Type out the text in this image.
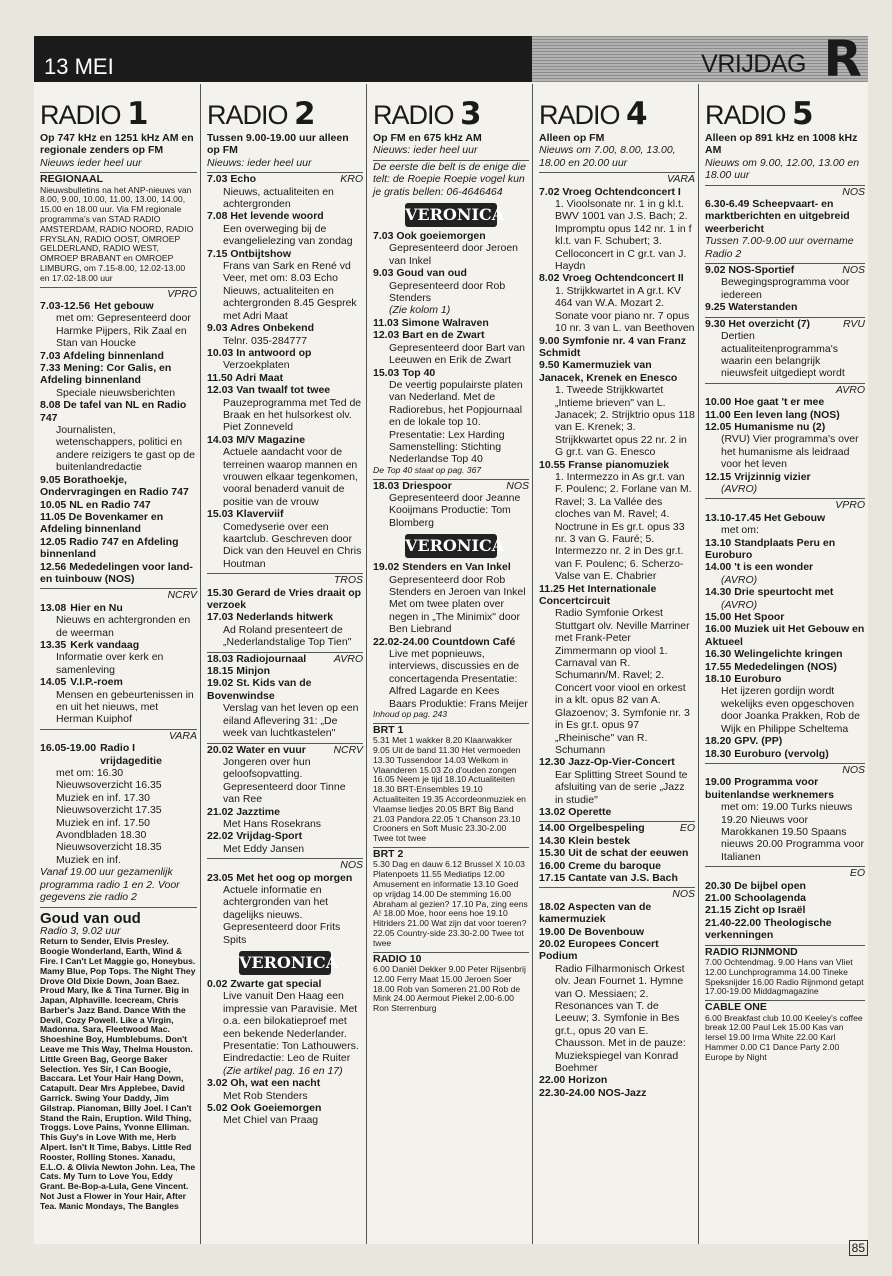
13 MEI	VRIJDAG R
RADIO 1
Op 747 kHz en 1251 kHz AM en regionale zenders op FM
Nieuws ieder heel uur
REGIONAAL
Nieuwsbulletins na het ANP-nieuws van 8.00, 9.00, 10.00, 11.00, 13.00, 14.00, 15.00 en 18.00 uur. Via FM regionale programma's van STAD RADIO AMSTERDAM, RADIO NOORD, RADIO FRYSLAN, RADIO OOST, OMROEP GELDERLAND, RADIO WEST, OMROEP BRABANT en OMROEP LIMBURG, om 7.15-8.00, 12.02-13.00 en 17.02-18.00 uur
VPRO
7.03-12.56 Het gebouw
met om: Gepresenteerd door Harmke Pijpers, Rik Zaal en Stan van Houcke
7.03 Afdeling binnenland
7.33 Mening: Cor Galis, en Afdeling binnenland
Speciale nieuwsberichten
8.08 De tafel van NL en Radio 747
Journalisten, wetenschappers, politici en andere reizigers te gast op de buitenlandredactie
9.05 Borathoekje, Ondervragingen en Radio 747
10.05 NL en Radio 747
11.05 De Bovenkamer en Afdeling binnenland
12.05 Radio 747 en Afdeling binnenland
12.56 Mededelingen voor land- en tuinbouw (NOS)
NCRV
13.08 Hier en Nu
Nieuws en achtergronden en de weerman
13.35 Kerk vandaag
Informatie over kerk en samenleving
14.05 V.I.P.-roem
Mensen en gebeurtenissen in en uit het nieuws, met Herman Kuiphof
VARA
16.05-19.00 Radio I vrijdageditie
met om: 16.30 Nieuwsoverzicht 16.35 Muziek en inf. 17.30 Nieuwsoverzicht 17.35 Muziek en inf. 17.50 Avondbladen 18.30 Nieuwsoverzicht 18.35 Muziek en inf.
Vanaf 19.00 uur gezamenlijk programma radio 1 en 2. Voor gegevens zie radio 2
Goud van oud
Radio 3, 9.02 uur
Return to Sender, Elvis Presley. Boogie Wonderland, Earth, Wind & Fire. I Can't Let Maggie go, Honeybus. Mamy Blue, Pop Tops. The Night They Drove Old Dixie Down, Joan Baez. Proud Mary, Ike & Tina Turner. Big in Japan, Alphaville. Icecream, Chris Barber's Jazz Band. Dance With the Devil, Cozy Powell. Like a Virgin, Madonna. Sara, Fleetwood Mac. Shoeshine Boy, Humblebums. Don't Leave me This Way, Thelma Houston. Little Green Bag, George Baker Selection. Yes Sir, I Can Boogie, Baccara. Let Your Hair Hang Down, Catapult. Dear Mrs Applebee, David Garrick. Swing Your Daddy, Jim Gilstrap. Pianoman, Billy Joel. I Can't Stand the Rain, Eruption. Wild Thing, Troggs. Love Pains, Yvonne Elliman. This Guy's in Love With me, Herb Alpert. Isn't It Time, Babys. Little Red Rooster, Rolling Stones. Xanadu, E.L.O. & Olivia Newton John. Lea, The Cats. My Turn to Love You, Eddy Grant. Be-Bop-a-Lula, Gene Vincent. Not Just a Flower in Your Hair, After Tea. Manic Mondays, The Bangles
RADIO 2
Tussen 9.00-19.00 uur alleen op FM
Nieuws: ieder heel uur
7.03 Echo	KRO
Nieuws, actualiteiten en achtergronden
7.08 Het levende woord
Een overweging bij de evangelielezing van zondag
7.15 Ontbijtshow
Frans van Sark en René vd Veer, met om: 8.03 Echo Nieuws, actualiteiten en achtergronden 8.45 Gesprek met Adri Maat
9.03 Adres Onbekend
Telnr. 035-284777
10.03 In antwoord op
Verzoekplaten
11.50 Adri Maat
12.03 Van twaalf tot twee
Pauzeprogramma met Ted de Braak en het hulsorkest olv. Piet Zonneveld
14.03 M/V Magazine
Actuele aandacht voor de terreinen waarop mannen en vrouwen elkaar tegenkomen, vooral benaderd vanuit de positie van de vrouw
15.03 Klaverviif
Comedyserie over een kaartclub. Geschreven door Dick van den Heuvel en Chris Houtman
TROS
15.30 Gerard de Vries draait op verzoek
17.03 Nederlands hitwerk
Ad Roland presenteert de „Nederlandstalige Top Tien"
18.03 Radiojournaal	AVRO
18.15 Minjon
19.02 St. Kids van de Bovenwindse
Verslag van het leven op een eiland Aflevering 31: „De week van luchtkastelen"
20.02 Water en vuur	NCRV
Jongeren over hun geloofsopvatting. Gepresenteerd door Tinne van Ree
21.02 Jazztime
Met Hans Rosekrans
22.02 Vrijdag-Sport
Met Eddy Jansen
NOS
23.05 Met het oog op morgen
Actuele informatie en achtergronden van het dagelijks nieuws. Gepresenteerd door Frits Spits
VERONICA
0.02 Zwarte gat special
Live vanuit Den Haag een impressie van Paravisie. Met o.a. een bilokatieproef met een bekende Nederlander. Presentatie: Ton Lathouwers. Eindredactie: Leo de Ruiter
(Zie artikel pag. 16 en 17)
3.02 Oh, wat een nacht
Met Rob Stenders
5.02 Ook Goeiemorgen
Met Chiel van Praag
RADIO 3
Op FM en 675 kHz AM
Nieuws: ieder heel uur
De eerste die belt is de enige die telt: de Roepie Roepie vogel kun je gratis bellen: 06-4646464
VERONICA
7.03 Ook goeiemorgen
Gepresenteerd door Jeroen van Inkel
9.03 Goud van oud
Gepresenteerd door Rob Stenders
(Zie kolom 1)
11.03 Simone Walraven
12.03 Bart en de Zwart
Gepresenteerd door Bart van Leeuwen en Erik de Zwart
15.03 Top 40
De veertig populairste platen van Nederland. Met de Radiorebus, het Popjournaal en de lokale top 10. Presentatie: Lex Harding Samenstelling: Stichting Nederlandse Top 40
De Top 40 staat op pag. 367
18.03 Driespoor	NOS
Gepresenteerd door Jeanne Kooijmans Productie: Tom Blomberg
VERONICA
19.02 Stenders en Van Inkel
Gepresenteerd door Rob Stenders en Jeroen van Inkel Met om twee platen over negen in „The Minimix" door Ben Liebrand
22.02-24.00 Countdown Café
Live met popnieuws, interviews, discussies en de concertagenda Presentatie: Alfred Lagarde en Kees Baars Produktie: Frans Meijer
Inhoud op pag. 243
BRT 1
5.31 Met 1 wakker 8.20 Klaarwakker 9.05 Uit de band 11.30 Het vermoeden 13.30 Tussendoor 14.03 Welkom in Vlaanderen 15.03 Zo d'ouden zongen 16.05 Neem je tijd 18.10 Actualiteiten 18.30 BRT-Ensembles 19.10 Actualiteiten 19.35 Accordeonmuziek en Vlaamse liedjes 20.05 BRT Big Band 21.03 Pandora 22.05 't Chanson 23.10 Crooners en Soft Music 23.30-2.00 Twee tot twee
BRT 2
5.30 Dag en dauw 6.12 Brussel X 10.03 Platenpoets 11.55 Mediatips 12.00 Amusement en informatie 13.10 Goed op vrijdag 14.00 De stemming 16.00 Abraham al gezien? 17.10 Pa, zing eens A! 18.00 Moe, hoor eens hoe 19.10 Hitriders 21.00 Wat zijn dat voor toeren? 22.05 Country-side 23.30-2.00 Twee tot twee
RADIO 10
6.00 Daniël Dekker 9.00 Peter Rijsenbrij 12.00 Ferry Maat 15.00 Jeroen Soer 18.00 Rob van Someren 21.00 Rob de Mink 24.00 Aermout Piekel 2.00-6.00 Ron Sterrenburg
RADIO 4
Alleen op FM
Nieuws om 7.00, 8.00, 13.00, 18.00 en 20.00 uur
VARA
7.02 Vroeg Ochtendconcert I
1. Vioolsonate nr. 1 in g kl.t. BWV 1001 van J.S. Bach; 2. Impromptu opus 142 nr. 1 in f kl.t. van F. Schubert; 3. Celloconcert in C gr.t. van J. Haydn
8.02 Vroeg Ochtendconcert II
1. Strijkkwartet in A gr.t. KV 464 van W.A. Mozart 2. Sonate voor piano nr. 7 opus 10 nr. 3 van L. van Beethoven
9.00 Symfonie nr. 4 van Franz Schmidt
9.50 Kamermuziek van Janacek, Krenek en Enesco
1. Tweede Strijkkwartet „Intieme brieven" van L. Janacek; 2. Strijktrio opus 118 van E. Krenek; 3. Strijkkwartet opus 22 nr. 2 in G gr.t. van G. Enesco
10.55 Franse pianomuziek
1. Intermezzo in As gr.t. van F. Poulenc; 2. Forlane van M. Ravel; 3. La Vallée des cloches van M. Ravel; 4. Noctrune in Es gr.t. opus 33 nr. 3 van G. Fauré; 5. Intermezzo nr. 2 in Des gr.t. van F. Poulenc; 6. Scherzo-Valse van E. Chabrier
11.25 Het Internationale Concertcircuit
Radio Symfonie Orkest Stuttgart olv. Neville Marriner met Frank-Peter Zimmermann op viool 1. Carnaval van R. Schumann/M. Ravel; 2. Concert voor viool en orkest in a klt. opus 82 van A. Glazoenov; 3. Symfonie nr. 3 in Es gr.t. opus 97 „Rheinische" van R. Schumann
12.30 Jazz-Op-Vier-Concert
Ear Splitting Street Sound te afsluiting van de serie „Jazz in studie"
13.02 Operette
14.00 Orgelbespeling	EO
14.30 Klein bestek
15.30 Uit de schat der eeuwen
16.00 Creme du baroque
17.15 Cantate van J.S. Bach
NOS
18.02 Aspecten van de kamermuziek
19.00 De Bovenbouw
20.02 Europees Concert Podium
Radio Filharmonisch Orkest olv. Jean Fournet 1. Hymne van O. Messiaen; 2. Resonances van T. de Leeuw; 3. Symfonie in Bes gr.t., opus 20 van E. Chausson. Met in de pauze: Muziekspiegel van Konrad Boehmer
22.00 Horizon
22.30-24.00 NOS-Jazz
RADIO 5
Alleen op 891 kHz en 1008 kHz AM
Nieuws om 9.00, 12.00, 13.00 en 18.00 uur
NOS
6.30-6.49 Scheepvaart- en marktberichten en uitgebreid weerbericht
Tussen 7.00-9.00 uur overname Radio 2
9.02 NOS-Sportief	NOS
Bewegingsprogramma voor iedereen
9.25 Waterstanden
9.30 Het overzicht (7)	RVU
Dertien actualiteitenprogramma's waarin een belangrijk nieuwsfeit uitgediept wordt
AVRO
10.00 Hoe gaat 't er mee
11.00 Een leven lang (NOS)
12.05 Humanisme nu (2)
(RVU) Vier programma's over het humanisme als leidraad voor het leven
12.15 Vrijzinnig vizier
(AVRO)
VPRO
13.10-17.45 Het Gebouw
met om:
13.10 Standplaats Peru en Euroburo
14.00 't is een wonder
(AVRO)
14.30 Drie speurtocht met
(AVRO)
15.00 Het Spoor
16.00 Muziek uit Het Gebouw en Aktueel
16.30 Welingelichte kringen
17.55 Mededelingen (NOS)
18.10 Euroburo
Het ijzeren gordijn wordt wekelijks even opgeschoven door Joanka Prakken, Rob de Wijk en Philippe Scheltema
18.20 GPV. (PP)
18.30 Euroburo (vervolg)
NOS
19.00 Programma voor buitenlandse werknemers
met om: 19.00 Turks nieuws 19.20 Nieuws voor Marokkanen 19.50 Spaans nieuws 20.00 Programma voor Italianen
EO
20.30 De bijbel open
21.00 Schoolagenda
21.15 Zicht op Israël
21.40-22.00 Theologische verkenningen
RADIO RIJNMOND
7.00 Ochtendmag. 9.00 Hans van Vliet 12.00 Lunchprogramma 14.00 Tineke Speksnijder 16.00 Radio Rijnmond getapt 17.00-19.00 Middagmagazine
CABLE ONE
6.00 Breakfast club 10.00 Keeley's coffee break 12.00 Paul Lek 15.00 Kas van Iersel 19.00 Irma White 22.00 Karl Hammer 0.00 C1 Dance Party 2.00 Europe by Night
85
